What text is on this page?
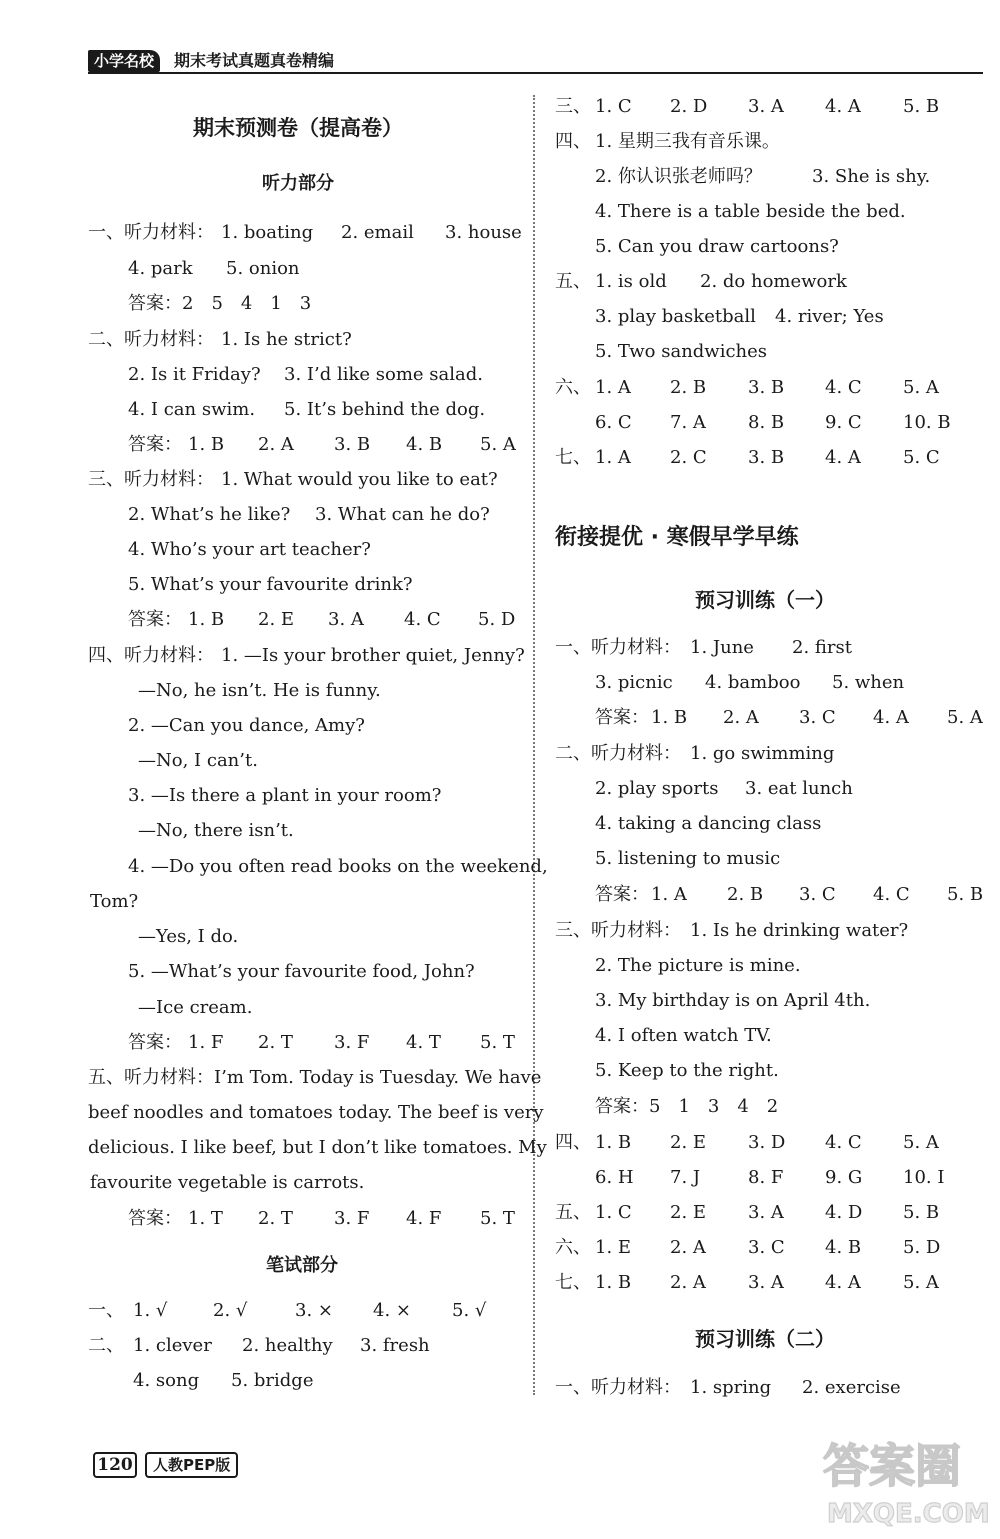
小学名校	期末考试真题真卷精编
期末预测卷（提高卷）
听力部分
一、听力材料： 1. boating 2. email 3. house
4. park 5. onion
答案：2　5　4　1　3
二、听力材料： 1. Is he strict?
2. Is it Friday? 3. I’d like some salad.
4. I can swim. 5. It’s behind the dog.
答案： 1. B 2. A 3. B 4. B 5. A
三、听力材料： 1. What would you like to eat?
2. What’s he like? 3. What can he do?
4. Who’s your art teacher?
5. What’s your favourite drink?
答案： 1. B 2. E 3. A 4. C 5. D
四、听力材料： 1. —Is your brother quiet, Jenny?
—No, he isn’t. He is funny.
2. —Can you dance, Amy?
—No, I can’t.
3. —Is there a plant in your room?
—No, there isn’t.
4. —Do you often read books on the weekend,
Tom?
—Yes, I do.
5. —What’s your favourite food, John?
—Ice cream.
答案： 1. F 2. T 3. F 4. T 5. T
五、听力材料：I’m Tom. Today is Tuesday. We have
beef noodles and tomatoes today. The beef is very
delicious. I like beef, but I don’t like tomatoes. My
favourite vegetable is carrots.
答案： 1. T 2. T 3. F 4. F 5. T
笔试部分
一、 1. √	2. √	3. × 4. × 5. √
二、 1. clever 2. healthy 3. fresh
4. song 5. bridge
三、 1. C 2. D 3. A 4. A 5. B
四、 1. 星期三我有音乐课。
2. 你认识张老师吗？	3. She is shy.
4. There is a table beside the bed.
5. Can you draw cartoons?
五、 1. is old 2. do homework
3. play basketball 4. river; Yes
5. Two sandwiches
六、 1. A 2. B 3. B 4. C 5. A
6. C 7. A 8. B 9. C 10. B
七、 1. A 2. C 3. B 4. A 5. C
衔接提优 · 寒假早学早练
预习训练（一）
一、听力材料： 1. June 2. first
3. picnic 4. bamboo 5. when
答案： 1. B 2. A 3. C 4. A 5. A
二、听力材料： 1. go swimming
2. play sports 3. eat lunch
4. taking a dancing class
5. listening to music
答案： 1. A 2. B 3. C 4. C 5. B
三、听力材料： 1. Is he drinking water?
2. The picture is mine.
3. My birthday is on April 4th.
4. I often watch TV.
5. Keep to the right.
答案：5　1　3　4　2
四、 1. B 2. E 3. D 4. C 5. A
6. H 7. J	8. F 9. G 10. I
五、 1. C 2. E 3. A 4. D 5. B
六、 1. E 2. A 3. C 4. B 5. D
七、 1. B 2. A 3. A 4. A 5. A
预习训练（二）
一、听力材料： 1. spring 2. exercise
120	人教PEP版	答案圈
MXQE.COM
